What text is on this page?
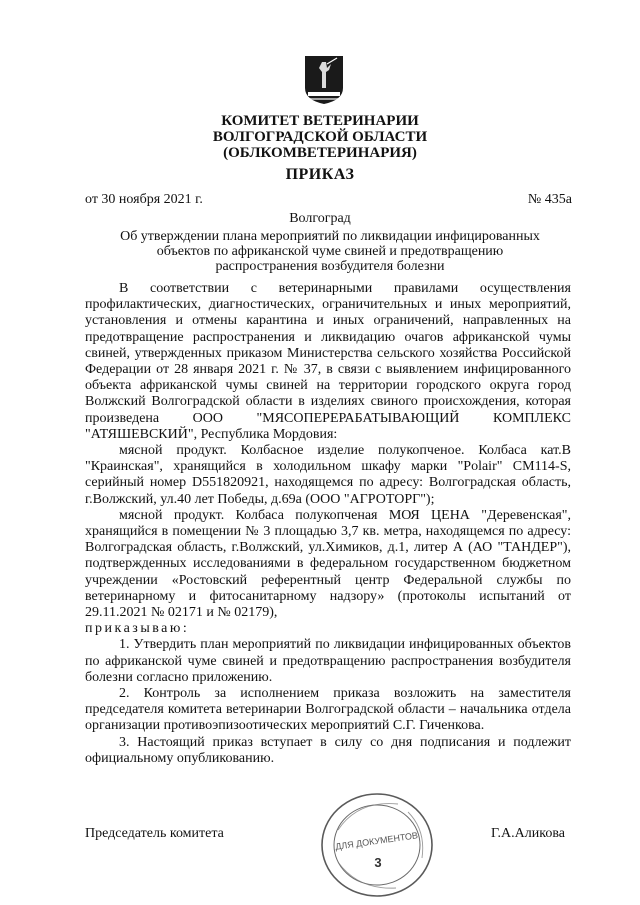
КОМИТЕТ ВЕТЕРИНАРИИ
ВОЛГОГРАДСКОЙ ОБЛАСТИ
(ОБЛКОМВЕТЕРИНАРИЯ)
ПРИКАЗ
от 30 ноября 2021 г.	№ 435а
Волгоград
Об утверждении плана мероприятий по ликвидации инфицированных
объектов по африканской чуме свиней и предотвращению
распространения возбудителя болезни

В соответствии с ветеринарными правилами осуществления профилактических, диагностических, ограничительных и иных мероприятий, установления и отмены карантина и иных ограничений, направленных на предотвращение распространения и ликвидацию очагов африканской чумы свиней, утвержденных приказом Министерства сельского хозяйства Российской Федерации от 28 января 2021 г. № 37, в связи с выявлением инфицированного объекта африканской чумы свиней на территории городского округа город Волжский Волгоградской области в изделиях свиного происхождения, которая произведена ООО "МЯСОПЕРЕРАБАТЫВАЮЩИЙ КОМПЛЕКС "АТЯШЕВСКИЙ", Республика Мордовия:

мясной продукт. Колбасное изделие полукопченое. Колбаса кат.В "Краинская", хранящийся в холодильном шкафу марки "Polair" CM114-S, серийный номер D551820921, находящемся по адресу: Волгоградская область, г.Волжский, ул.40 лет Победы, д.69а (ООО "АГРОТОРГ");

мясной продукт. Колбаса полукопченая МОЯ ЦЕНА "Деревенская", хранящийся в помещении № 3 площадью 3,7 кв. метра, находящемся по адресу: Волгоградская область, г.Волжский, ул.Химиков, д.1, литер А (АО "ТАНДЕР"), подтвержденных исследованиями в федеральном государственном бюджетном учреждении «Ростовский референтный центр Федеральной службы по ветеринарному и фитосанитарному надзору» (протоколы испытаний от 29.11.2021 № 02171 и № 02179),
приказываю:

1. Утвердить план мероприятий по ликвидации инфицированных объектов по африканской чуме свиней и предотвращению распространения возбудителя болезни согласно приложению.

2. Контроль за исполнением приказа возложить на заместителя председателя комитета ветеринарии Волгоградской области – начальника отдела организации противоэпизоотических мероприятий С.Г. Гиченкова.

3. Настоящий приказ вступает в силу со дня подписания и подлежит официальному опубликованию.

Председатель комитета	Г.А.Аликова
ДЛЯ ДОКУМЕНТОВ
3
